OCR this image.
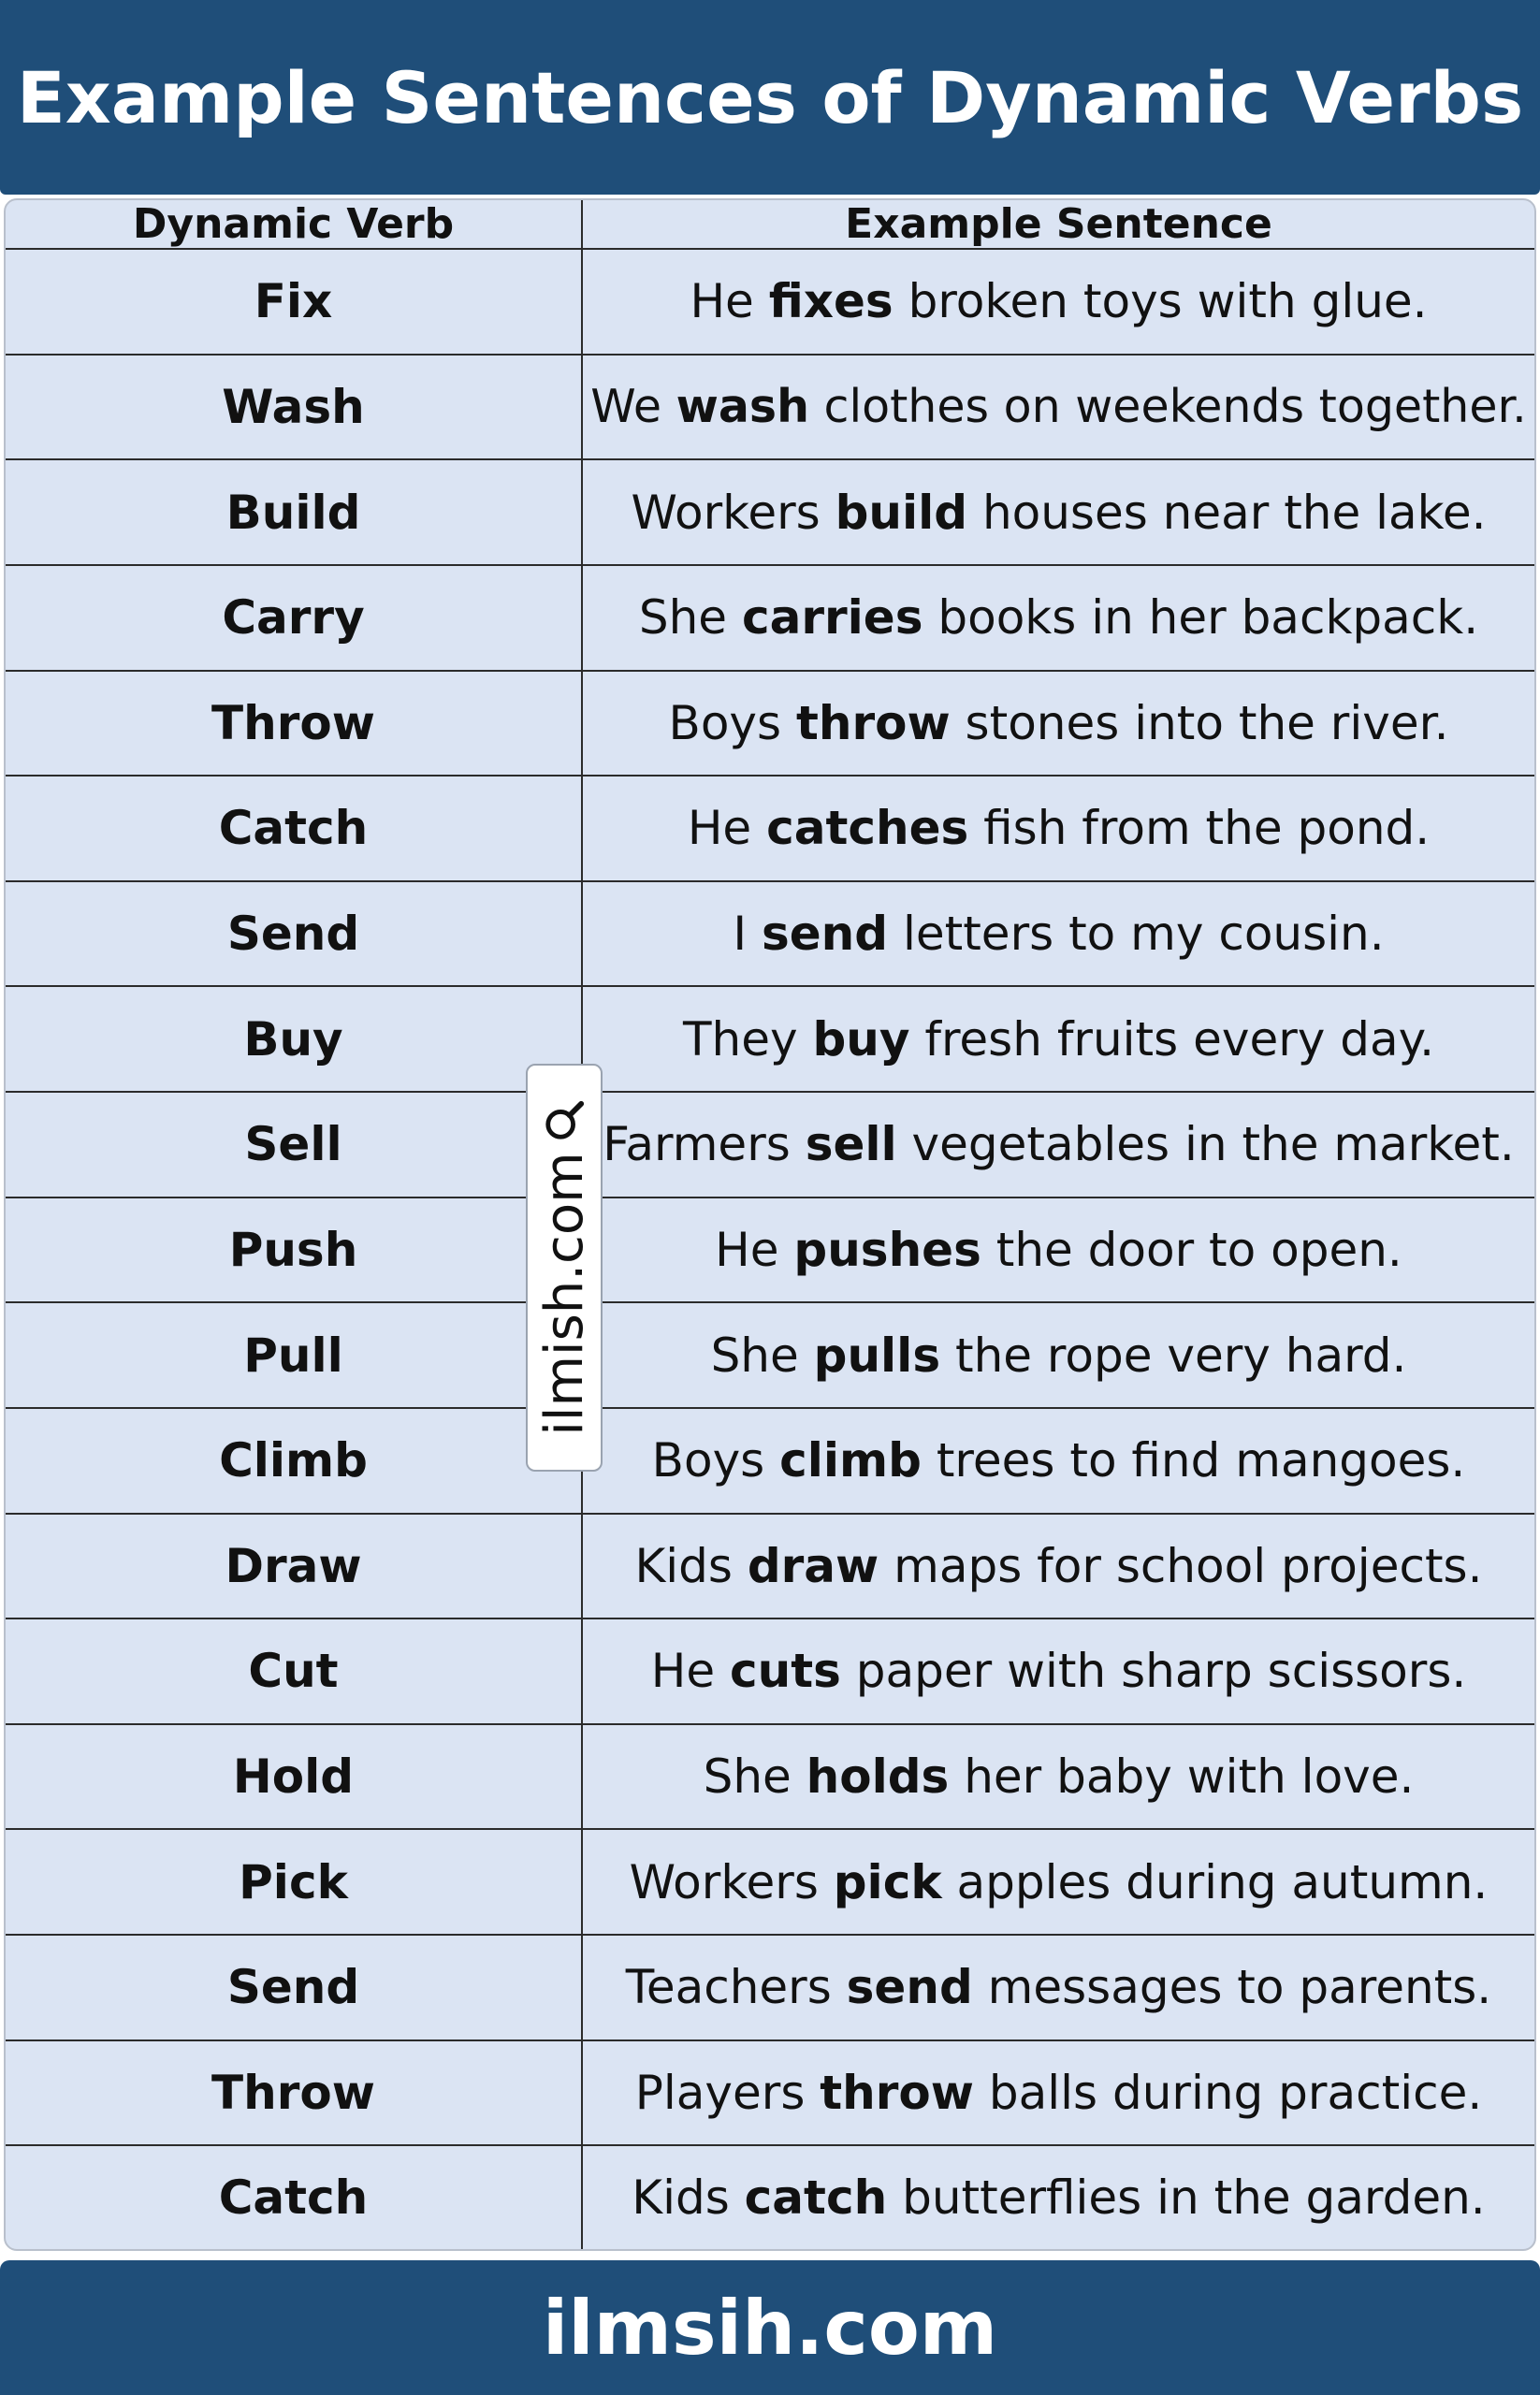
Example Sentences of Dynamic Verbs
Dynamic Verb	Example Sentence
Fix	He fixes broken toys with glue.
Wash	We wash clothes on weekends together.
Build	Workers build houses near the lake.
Carry	She carries books in her backpack.
Throw	Boys throw stones into the river.
Catch	He catches fish from the pond.
Send	I send letters to my cousin.
Buy	They buy fresh fruits every day.
Sell	Farmers sell vegetables in the market.
Push	He pushes the door to open.
Pull	She pulls the rope very hard.
Climb	Boys climb trees to find mangoes.
Draw	Kids draw maps for school projects.
Cut	He cuts paper with sharp scissors.
Hold	She holds her baby with love.
Pick	Workers pick apples during autumn.
Send	Teachers send messages to parents.
Throw	Players throw balls during practice.
Catch	Kids catch butterflies in the garden.
ilmish.com
ilmsih.com
